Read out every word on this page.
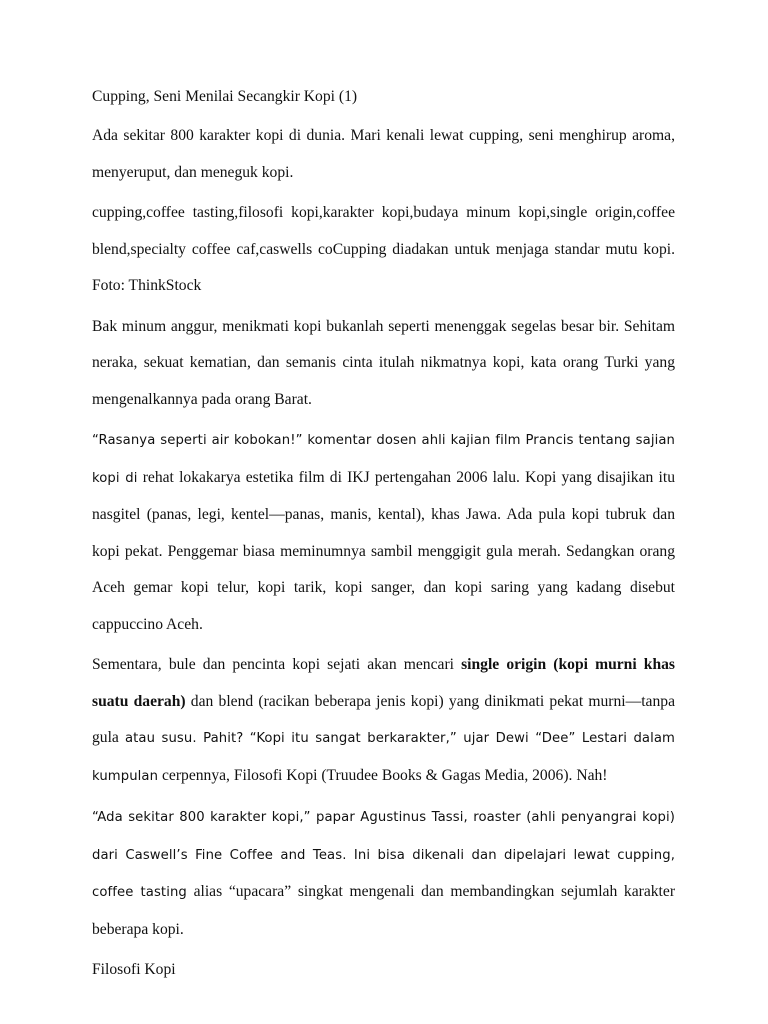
Cupping, Seni Menilai Secangkir Kopi (1)

Ada sekitar 800 karakter kopi di dunia. Mari kenali lewat cupping, seni menghirup aroma, menyeruput, dan meneguk kopi.

cupping,coffee tasting,filosofi kopi,karakter kopi,budaya minum kopi,single origin,coffee blend,specialty coffee caf,caswells coCupping diadakan untuk menjaga standar mutu kopi. Foto: ThinkStock

Bak minum anggur, menikmati kopi bukanlah seperti menenggak segelas besar bir. Sehitam neraka, sekuat kematian, dan semanis cinta itulah nikmatnya kopi, kata orang Turki yang mengenalkannya pada orang Barat.

“Rasanya seperti air kobokan!” komentar dosen ahli kajian film Prancis tentang sajian kopi di rehat lokakarya estetika film di IKJ pertengahan 2006 lalu. Kopi yang disajikan itu nasgitel (panas, legi, kentel—panas, manis, kental), khas Jawa. Ada pula kopi tubruk dan kopi pekat. Penggemar biasa meminumnya sambil menggigit gula merah. Sedangkan orang Aceh gemar kopi telur, kopi tarik, kopi sanger, dan kopi saring yang kadang disebut cappuccino Aceh.

Sementara, bule dan pencinta kopi sejati akan mencari single origin (kopi murni khas suatu daerah) dan blend (racikan beberapa jenis kopi) yang dinikmati pekat murni—tanpa gula atau susu. Pahit? “Kopi itu sangat berkarakter,” ujar Dewi “Dee” Lestari dalam kumpulan cerpennya, Filosofi Kopi (Truudee Books & Gagas Media, 2006). Nah!

“Ada sekitar 800 karakter kopi,” papar Agustinus Tassi, roaster (ahli penyangrai kopi) dari Caswell’s Fine Coffee and Teas. Ini bisa dikenali dan dipelajari lewat cupping, coffee tasting alias “upacara” singkat mengenali dan membandingkan sejumlah karakter beberapa kopi.

Filosofi Kopi
